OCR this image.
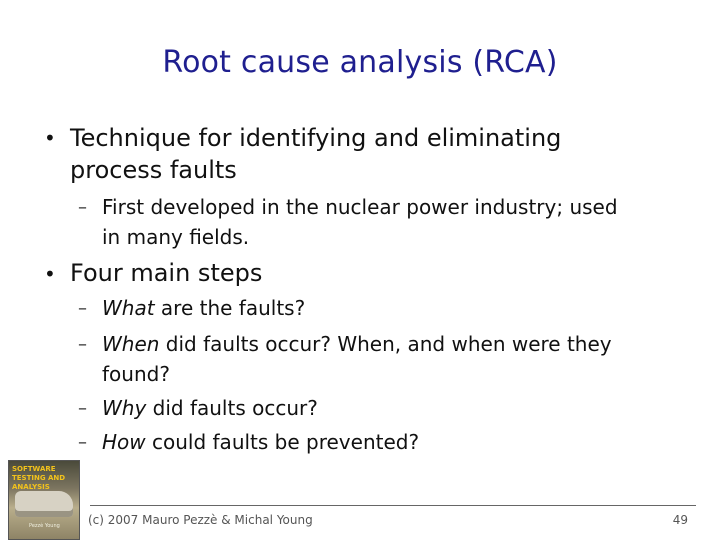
Root cause analysis (RCA)
• Technique for identifying and eliminating
process faults
– First developed in the nuclear power industry; used
in many fields.
• Four main steps
– What are the faults?
– When did faults occur? When, and when were they
found?
– Why did faults occur?
– How could faults be prevented?
SOFTWARE TESTING AND ANALYSIS
Pezzè Young	(c) 2007 Mauro Pezzè & Michal Young	49
